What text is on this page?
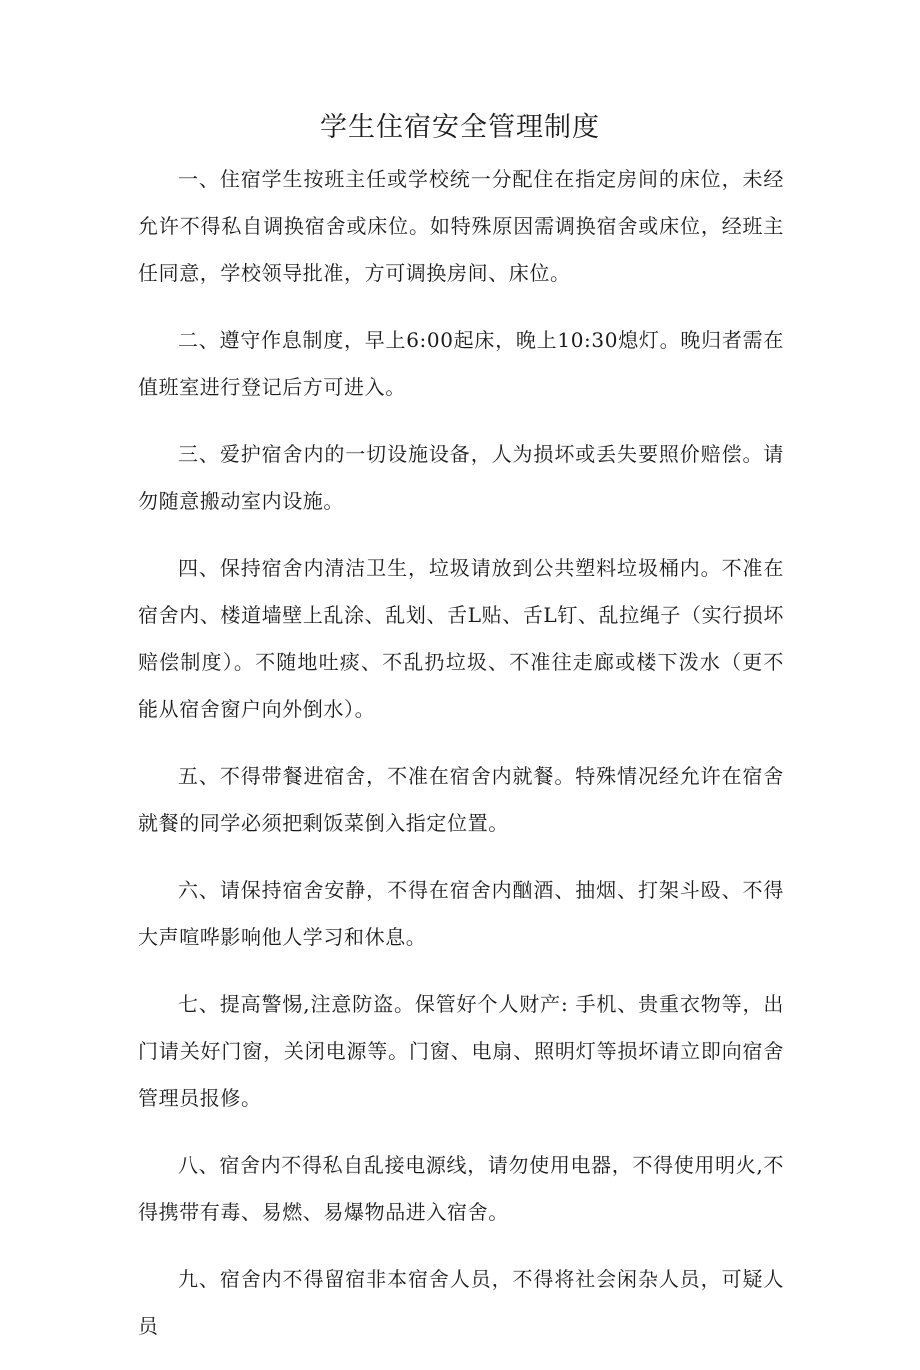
学生住宿安全管理制度

一、住宿学生按班主任或学校统一分配住在指定房间的床位，未经允许不得私自调换宿舍或床位。如特殊原因需调换宿舍或床位，经班主任同意，学校领导批准，方可调换房间、床位。

二、遵守作息制度，早上6:00起床，晚上10:30熄灯。晚归者需在值班室进行登记后方可进入。

三、爱护宿舍内的一切设施设备，人为损坏或丢失要照价赔偿。请勿随意搬动室内设施。

四、保持宿舍内清洁卫生，垃圾请放到公共塑料垃圾桶内。不准在宿舍内、楼道墙壁上乱涂、乱划、舌L贴、舌L钉、乱拉绳子（实行损坏赔偿制度）。不随地吐痰、不乱扔垃圾、不准往走廊或楼下泼水（更不能从宿舍窗户向外倒水）。

五、不得带餐进宿舍，不准在宿舍内就餐。特殊情况经允许在宿舍就餐的同学必须把剩饭菜倒入指定位置。

六、请保持宿舍安静，不得在宿舍内酗酒、抽烟、打架斗殴、不得大声喧哗影响他人学习和休息。

七、提高警惕,注意防盗。保管好个人财产: 手机、贵重衣物等，出门请关好门窗，关闭电源等。门窗、电扇、照明灯等损坏请立即向宿舍管理员报修。

八、宿舍内不得私自乱接电源线，请勿使用电器，不得使用明火,不得携带有毒、易燃、易爆物品进入宿舍。

九、宿舍内不得留宿非本宿舍人员，不得将社会闲杂人员，可疑人员
